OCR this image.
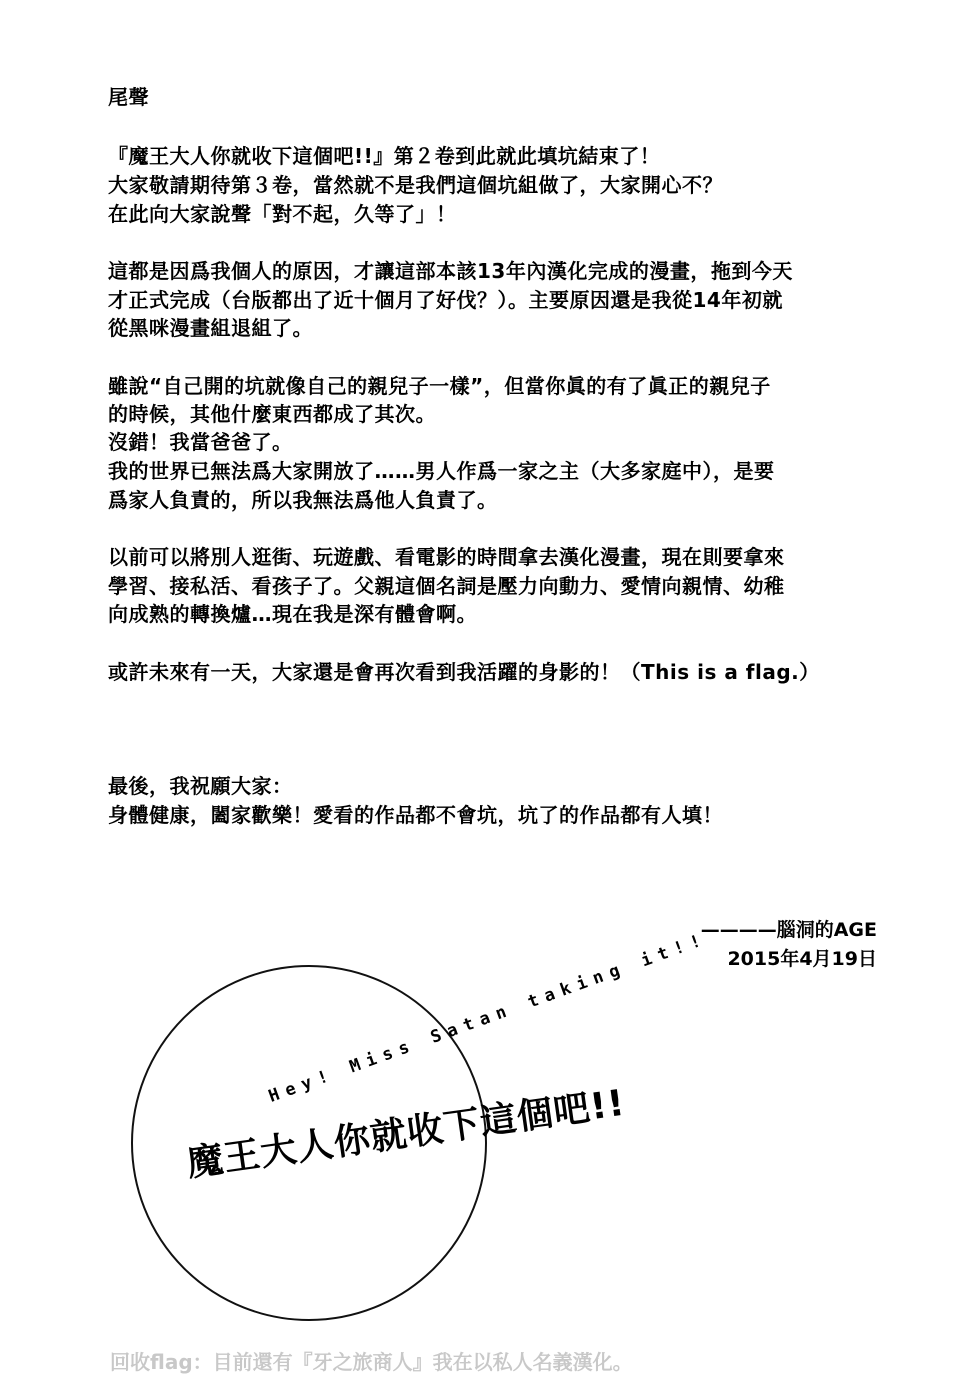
尾聲
『魔王大人你就收下這個吧!!』第２卷到此就此填坑結束了！
大家敬請期待第３卷，當然就不是我們這個坑組做了，大家開心不？
在此向大家說聲「對不起，久等了」！
這都是因爲我個人的原因，才讓這部本該13年內漢化完成的漫畫，拖到今天
才正式完成（台版都出了近十個月了好伐？）。主要原因還是我從14年初就
從黑咪漫畫組退組了。
雖說“自己開的坑就像自己的親兒子一樣”，但當你眞的有了眞正的親兒子
的時候，其他什麼東西都成了其次。
沒錯！我當爸爸了。
我的世界已無法爲大家開放了……男人作爲一家之主（大多家庭中），是要
爲家人負責的，所以我無法爲他人負責了。
以前可以將別人逛街、玩遊戲、看電影的時間拿去漢化漫畫，現在則要拿來
學習、接私活、看孩子了。父親這個名詞是壓力向動力、愛情向親情、幼稚
向成熟的轉換爐…現在我是深有體會啊。
或許未來有一天，大家還是會再次看到我活躍的身影的！（This is a flag.）
最後，我祝願大家：
身體健康，闔家歡樂！愛看的作品都不會坑，坑了的作品都有人填！
————腦洞的AGE
2015年4月19日
Hey! Miss Satan taking it!!
魔王大人你就收下這個吧!!
回收flag：目前還有『牙之旅商人』我在以私人名義漢化。
